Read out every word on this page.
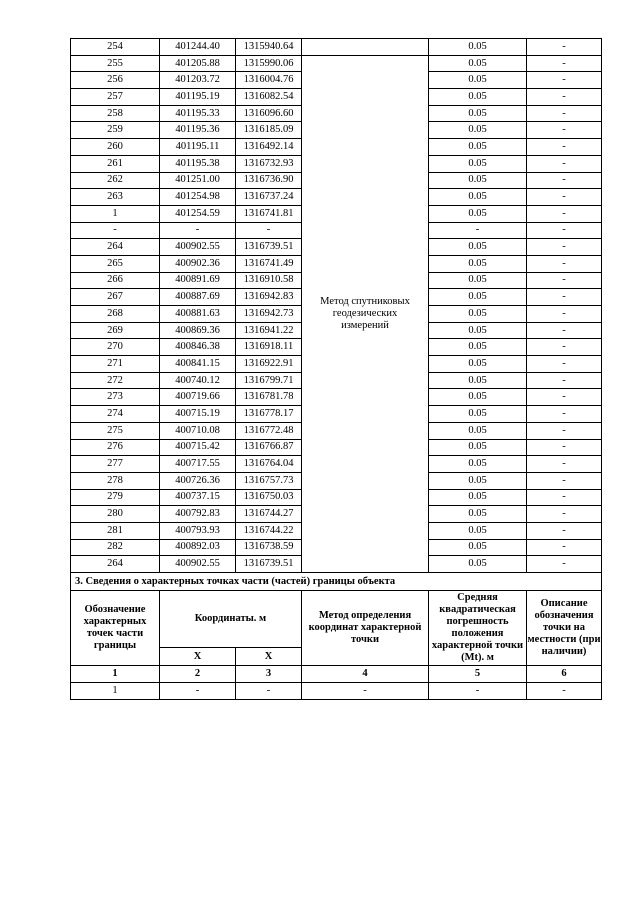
254	401244.40	1315940.64		0.05	-
255	401205.88	1315990.06	Метод спутниковых геодезических измерений	0.05	-
256	401203.72	1316004.76		0.05	-
257	401195.19	1316082.54		0.05	-
258	401195.33	1316096.60		0.05	-
259	401195.36	1316185.09		0.05	-
260	401195.11	1316492.14		0.05	-
261	401195.38	1316732.93		0.05	-
262	401251.00	1316736.90		0.05	-
263	401254.98	1316737.24		0.05	-
1	401254.59	1316741.81		0.05	-
-	-	-		-	-
264	400902.55	1316739.51		0.05	-
265	400902.36	1316741.49		0.05	-
266	400891.69	1316910.58		0.05	-
267	400887.69	1316942.83		0.05	-
268	400881.63	1316942.73		0.05	-
269	400869.36	1316941.22		0.05	-
270	400846.38	1316918.11		0.05	-
271	400841.15	1316922.91		0.05	-
272	400740.12	1316799.71		0.05	-
273	400719.66	1316781.78		0.05	-
274	400715.19	1316778.17		0.05	-
275	400710.08	1316772.48		0.05	-
276	400715.42	1316766.87		0.05	-
277	400717.55	1316764.04		0.05	-
278	400726.36	1316757.73		0.05	-
279	400737.15	1316750.03		0.05	-
280	400792.83	1316744.27		0.05	-
281	400793.93	1316744.22		0.05	-
282	400892.03	1316738.59		0.05	-
264	400902.55	1316739.51		0.05	-
3. Сведения о характерных точках части (частей) границы объекта					
Обозначение характерных точек части границы	Координаты. м		Метод определения координат характерной точки	Средняя квадратическая погрешность положения характерной точки (Mt). м	Описание обозначения точки на местности (при наличии)
	X	X			
1	2	3	4	5	6
1	-	-	-	-	-
